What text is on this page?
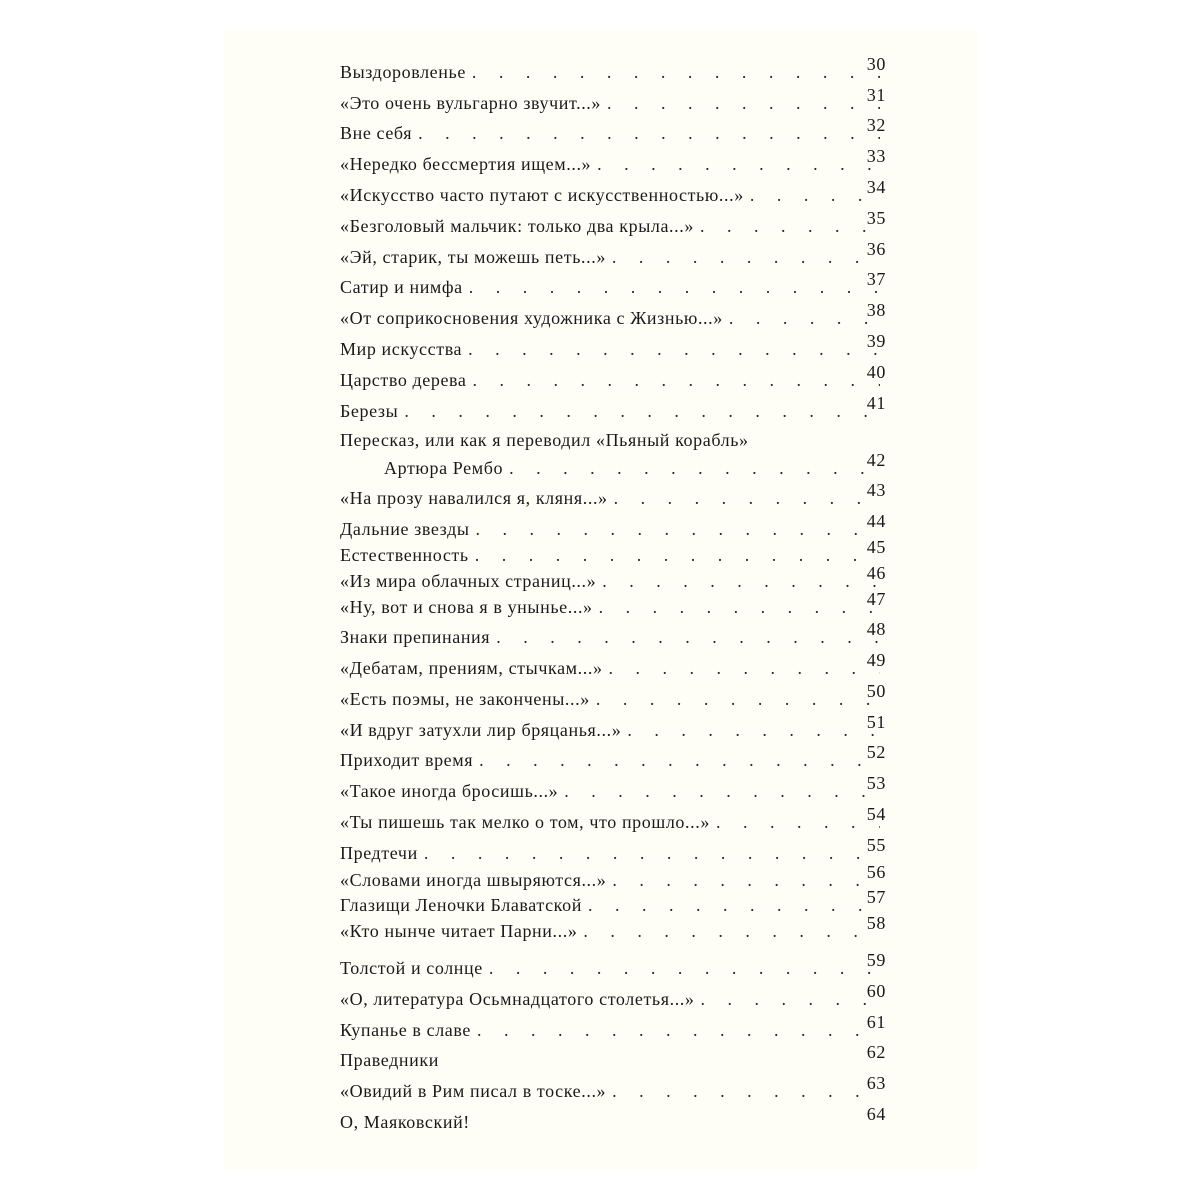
Выздоровленье . . .	30
«Это очень вульгарно звучит...» . . .	31
Вне себя . . .	32
«Нередко бессмертия ищем...» . . .	33
«Искусство часто путают с искусственностью...» . . .	34
«Безголовый мальчик: только два крыла...» . . .	35
«Эй, старик, ты можешь петь...» . . .	36
Сатир и нимфа . . .	37
«От соприкосновения художника с Жизнью...» . . .	38
Мир искусства . . .	39
Царство дерева . . .	40
Березы . . .	41
Пересказ, или как я переводил «Пьяный корабль»
Артюра Рембо . . .	42
«На прозу навалился я, кляня...» . . .	43
Дальние звезды . . .	44
Естественность . . .	45
«Из мира облачных страниц...» . . .	46
«Ну, вот и снова я в унынье...» . . .	47
Знаки препинания . . .	48
«Дебатам, прениям, стычкам...» . . .	49
«Есть поэмы, не закончены...» . . .	50
«И вдруг затухли лир бряцанья...» . . .	51
Приходит время . . .	52
«Такое иногда бросишь...» . . .	53
«Ты пишешь так мелко о том, что прошло...» . . .	54
Предтечи . . .	55
«Словами иногда швыряются...» . . .	56
Глазищи Леночки Блаватской . . .	57
«Кто нынче читает Парни...» . . .	58
Толстой и солнце . . .	59
«О, литература Осьмнадцатого столетья...» . . .	60
Купанье в славе . . .	61
Праведники	62
«Овидий в Рим писал в тоске...» . . .	63
О, Маяковский!	64
